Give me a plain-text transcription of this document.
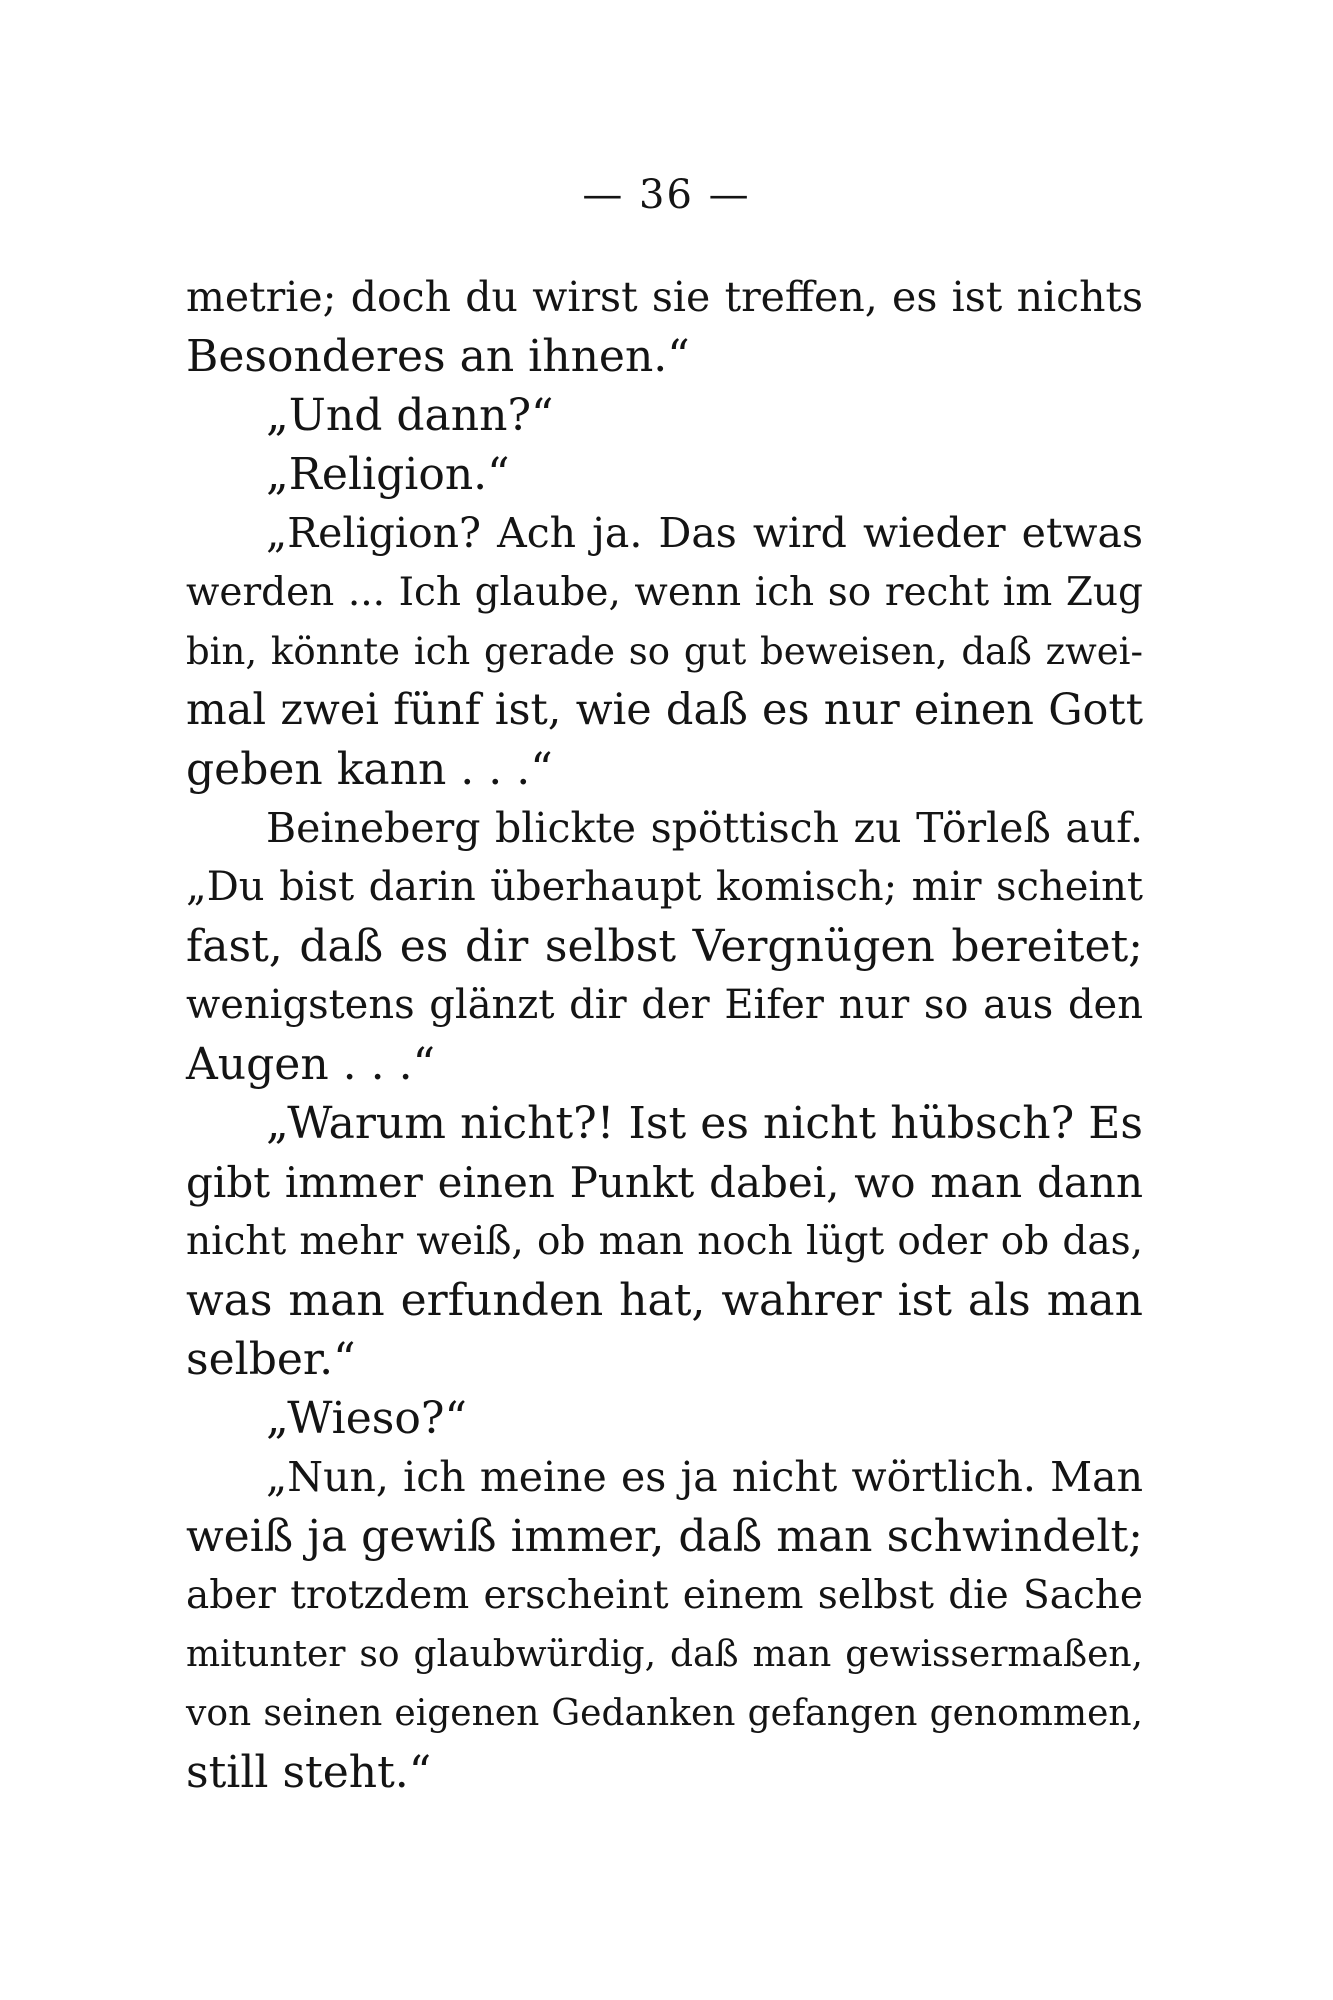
— 36 —
metrie; doch du wirst sie treffen, es ist nichts
Besonderes an ihnen.“
„Und dann?“
„Religion.“
„Religion? Ach ja. Das wird wieder etwas
werden ... Ich glaube, wenn ich so recht im Zug
bin, könnte ich gerade so gut beweisen, daß zwei-
mal zwei fünf ist, wie daß es nur einen Gott
geben kann . . .“
Beineberg blickte spöttisch zu Törleß auf.
„Du bist darin überhaupt komisch; mir scheint
fast, daß es dir selbst Vergnügen bereitet;
wenigstens glänzt dir der Eifer nur so aus den
Augen . . .“
„Warum nicht?! Ist es nicht hübsch? Es
gibt immer einen Punkt dabei, wo man dann
nicht mehr weiß, ob man noch lügt oder ob das,
was man erfunden hat, wahrer ist als man
selber.“
„Wieso?“
„Nun, ich meine es ja nicht wörtlich. Man
weiß ja gewiß immer, daß man schwindelt;
aber trotzdem erscheint einem selbst die Sache
mitunter so glaubwürdig, daß man gewissermaßen,
von seinen eigenen Gedanken gefangen genommen,
still steht.“
